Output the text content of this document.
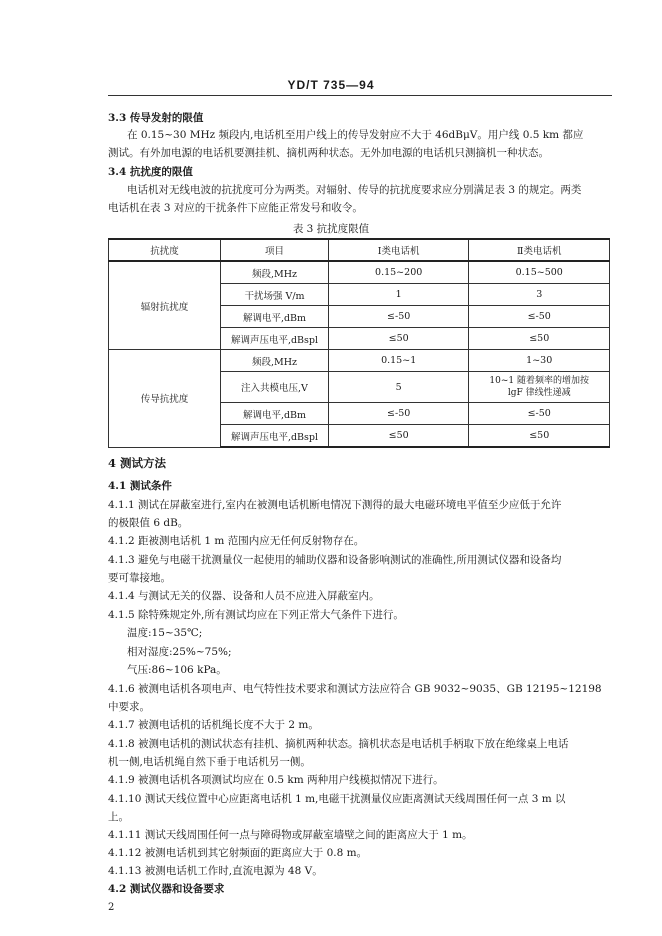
YD/T 735—94
3.3 传导发射的限值
在 0.15~30 MHz 频段内,电话机至用户线上的传导发射应不大于 46dBμV。用户线 0.5 km 都应
测试。有外加电源的电话机要测挂机、摘机两种状态。无外加电源的电话机只测摘机一种状态。
3.4 抗扰度的限值
电话机对无线电波的抗扰度可分为两类。对辐射、传导的抗扰度要求应分别满足表 3 的规定。两类
电话机在表 3 对应的干扰条件下应能正常发号和收令。
表 3 抗扰度限值
抗扰度	项目	Ⅰ类电话机	Ⅱ类电话机
辐射抗扰度	频段,MHz	0.15~200	0.15~500
	干扰场强 V/m	1	3
	解调电平,dBm	≤-50	≤-50
	解调声压电平,dBspl	≤50	≤50
传导抗扰度	频段,MHz	0.15~1	1~30
	注入共模电压,V	5	10~1 随着频率的增加按
lgF 律线性递减

	解调电平,dBm	≤-50	≤-50
	解调声压电平,dBspl	≤50	≤50
4 测试方法
4.1 测试条件
4.1.1 测试在屏蔽室进行,室内在被测电话机断电情况下测得的最大电磁环境电平值至少应低于允许
的极限值 6 dB。
4.1.2 距被测电话机 1 m 范围内应无任何反射物存在。
4.1.3 避免与电磁干扰测量仪一起使用的辅助仪器和设备影响测试的准确性,所用测试仪器和设备均
要可靠接地。
4.1.4 与测试无关的仪器、设备和人员不应进入屏蔽室内。
4.1.5 除特殊规定外,所有测试均应在下列正常大气条件下进行。
温度:15~35℃;
相对湿度:25%~75%;
气压:86~106 kPa。
4.1.6 被测电话机各项电声、电气特性技术要求和测试方法应符合 GB 9032~9035、GB 12195~12198
中要求。
4.1.7 被测电话机的话机绳长度不大于 2 m。
4.1.8 被测电话机的测试状态有挂机、摘机两种状态。摘机状态是电话机手柄取下放在绝缘桌上电话
机一侧,电话机绳自然下垂于电话机另一侧。
4.1.9 被测电话机各项测试均应在 0.5 km 两种用户线模拟情况下进行。
4.1.10 测试天线位置中心应距离电话机 1 m,电磁干扰测量仪应距离测试天线周围任何一点 3 m 以
上。
4.1.11 测试天线周围任何一点与障碍物或屏蔽室墙壁之间的距离应大于 1 m。
4.1.12 被测电话机到其它射频面的距离应大于 0.8 m。
4.1.13 被测电话机工作时,直流电源为 48 V。
4.2 测试仪器和设备要求
2
